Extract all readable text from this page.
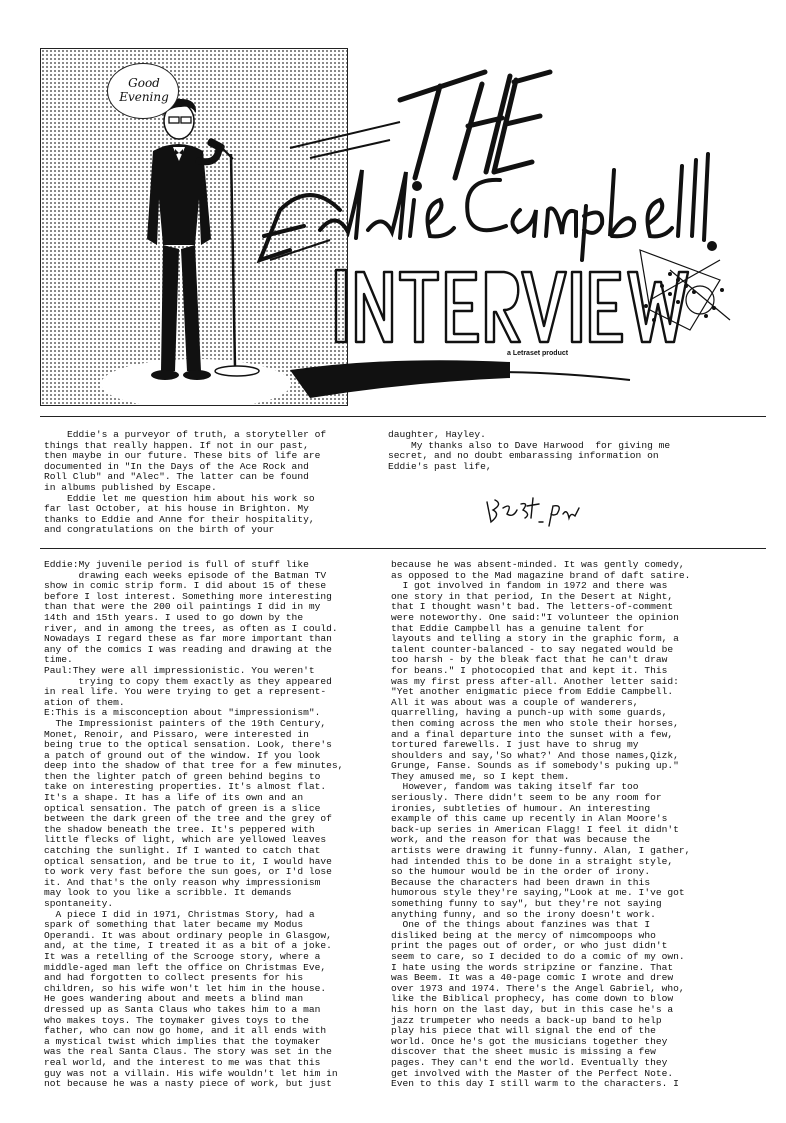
Good Evening
a Letraset product
Eddie's a purveyor of truth, a storyteller of
things that really happen. If not in our past,
then maybe in our future. These bits of life are
documented in "In the Days of the Ace Rock and
Roll Club" and "Alec". The latter can be found
in albums published by Escape.
Eddie let me question him about his work so
far last October, at his house in Brighton. My
thanks to Eddie and Anne for their hospitality,
and congratulations on the birth of your
daughter, Hayley.
My thanks also to Dave Harwood  for giving me
secret, and no doubt embarassing information on
Eddie's past life,
Eddie:My juvenile period is full of stuff like
drawing each weeks episode of the Batman TV
show in comic strip form. I did about 15 of these
before I lost interest. Something more interesting
than that were the 200 oil paintings I did in my
14th and 15th years. I used to go down by the
river, and in among the trees, as often as I could.
Nowadays I regard these as far more important than
any of the comics I was reading and drawing at the
time.
Paul:They were all impressionistic. You weren't
trying to copy them exactly as they appeared
in real life. You were trying to get a represent-
ation of them.
E:This is a misconception about "impressionism".
The Impressionist painters of the 19th Century,
Monet, Renoir, and Pissaro, were interested in
being true to the optical sensation. Look, there's
a patch of ground out of the window. If you look
deep into the shadow of that tree for a few minutes,
then the lighter patch of green behind begins to
take on interesting properties. It's almost flat.
It's a shape. It has a life of its own and an
optical sensation. The patch of green is a slice
between the dark green of the tree and the grey of
the shadow beneath the tree. It's peppered with
little flecks of light, which are yellowed leaves
catching the sunlight. If I wanted to catch that
optical sensation, and be true to it, I would have
to work very fast before the sun goes, or I'd lose
it. And that's the only reason why impressionism
may look to you like a scribble. It demands
spontaneity.
A piece I did in 1971, Christmas Story, had a
spark of something that later became my Modus
Operandi. It was about ordinary people in Glasgow,
and, at the time, I treated it as a bit of a joke.
It was a retelling of the Scrooge story, where a
middle-aged man left the office on Christmas Eve,
and had forgotten to collect presents for his
children, so his wife won't let him in the house.
He goes wandering about and meets a blind man
dressed up as Santa Claus who takes him to a man
who makes toys. The toymaker gives toys to the
father, who can now go home, and it all ends with
a mystical twist which implies that the toymaker
was the real Santa Claus. The story was set in the
real world, and the interest to me was that this
guy was not a villain. His wife wouldn't let him in
not because he was a nasty piece of work, but just
because he was absent-minded. It was gently comedy,
as opposed to the Mad magazine brand of daft satire.
I got involved in fandom in 1972 and there was
one story in that period, In the Desert at Night,
that I thought wasn't bad. The letters-of-comment
were noteworthy. One said:"I volunteer the opinion
that Eddie Campbell has a genuine talent for
layouts and telling a story in the graphic form, a
talent counter-balanced - to say negated would be
too harsh - by the bleak fact that he can't draw
for beans." I photocopied that and kept it. This
was my first press after-all. Another letter said:
"Yet another enigmatic piece from Eddie Campbell.
All it was about was a couple of wanderers,
quarrelling, having a punch-up with some guards,
then coming across the men who stole their horses,
and a final departure into the sunset with a few,
tortured farewells. I just have to shrug my
shoulders and say,'So what?' And those names,Qizk,
Grunge, Fanse. Sounds as if somebody's puking up."
They amused me, so I kept them.
However, fandom was taking itself far too
seriously. There didn't seem to be any room for
ironies, subtleties of humour. An interesting
example of this came up recently in Alan Moore's
back-up series in American Flagg! I feel it didn't
work, and the reason for that was because the
artists were drawing it funny-funny. Alan, I gather,
had intended this to be done in a straight style,
so the humour would be in the order of irony.
Because the characters had been drawn in this
humorous style they're saying,"Look at me. I've got
something funny to say", but they're not saying
anything funny, and so the irony doesn't work.
One of the things about fanzines was that I
disliked being at the mercy of nimcompoops who
print the pages out of order, or who just didn't
seem to care, so I decided to do a comic of my own.
I hate using the words stripzine or fanzine. That
was Beem. It was a 40-page comic I wrote and drew
over 1973 and 1974. There's the Angel Gabriel, who,
like the Biblical prophecy, has come down to blow
his horn on the last day, but in this case he's a
jazz trumpeter who needs a back-up band to help
play his piece that will signal the end of the
world. Once he's got the musicians together they
discover that the sheet music is missing a few
pages. They can't end the world. Eventually they
get involved with the Master of the Perfect Note.
Even to this day I still warm to the characters. I
